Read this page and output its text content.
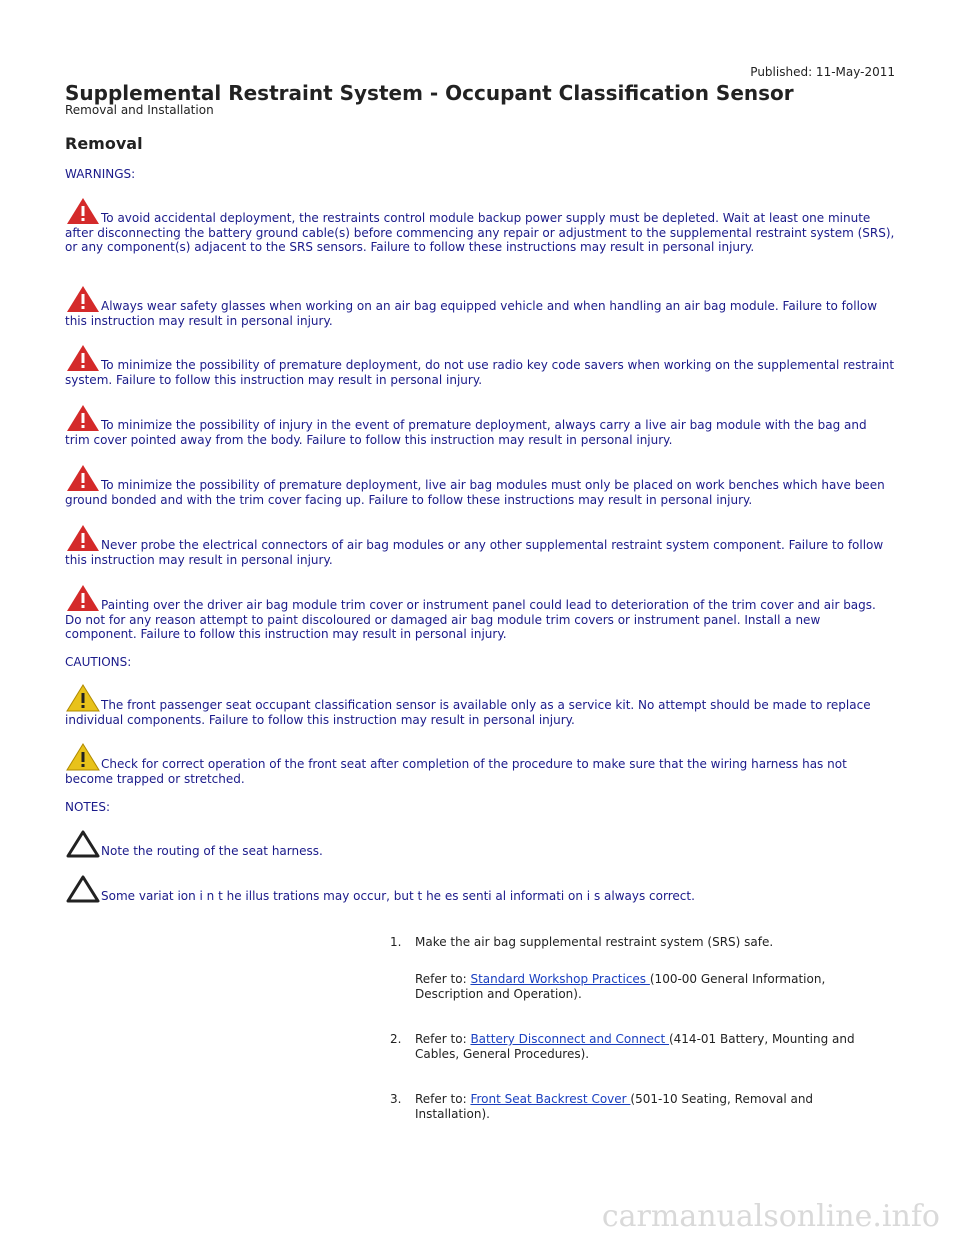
Published: 11-May-2011
Supplemental Restraint System - Occupant Classification Sensor
Removal and Installation
Removal
WARNINGS:
To avoid accidental deployment, the restraints control module backup power supply must be depleted. Wait at least one minute after disconnecting the battery ground cable(s) before commencing any repair or adjustment to the supplemental restraint system (SRS), or any component(s) adjacent to the SRS sensors. Failure to follow these instructions may result in personal injury.
Always wear safety glasses when working on an air bag equipped vehicle and when handling an air bag module. Failure to follow this instruction may result in personal injury.
To minimize the possibility of premature deployment, do not use radio key code savers when working on the supplemental restraint system. Failure to follow this instruction may result in personal injury.
To minimize the possibility of injury in the event of premature deployment, always carry a live air bag module with the bag and trim cover pointed away from the body. Failure to follow this instruction may result in personal injury.
To minimize the possibility of premature deployment, live air bag modules must only be placed on work benches which have been ground bonded and with the trim cover facing up. Failure to follow these instructions may result in personal injury.
Never probe the electrical connectors of air bag modules or any other supplemental restraint system component. Failure to follow this instruction may result in personal injury.
Painting over the driver air bag module trim cover or instrument panel could lead to deterioration of the trim cover and air bags. Do not for any reason attempt to paint discoloured or damaged air bag module trim covers or instrument panel. Install a new component. Failure to follow this instruction may result in personal injury.
CAUTIONS:
The front passenger seat occupant classification sensor is available only as a service kit. No attempt should be made to replace individual components. Failure to follow this instruction may result in personal injury.
Check for correct operation of the front seat after completion of the procedure to make sure that the wiring harness has not become trapped or stretched.
NOTES:
Note the routing of the seat harness.
Some variat ion i n t he illus trations may occur, but t he es senti al informati on i s always correct.
1.	Make the air bag supplemental restraint system (SRS) safe.
Refer to: Standard Workshop Practices (100-00 General Information, Description and Operation).
2.	Refer to: Battery Disconnect and Connect (414-01 Battery, Mounting and Cables, General Procedures).
3.	Refer to: Front Seat Backrest Cover (501-10 Seating, Removal and Installation).
carmanualsonline.info
